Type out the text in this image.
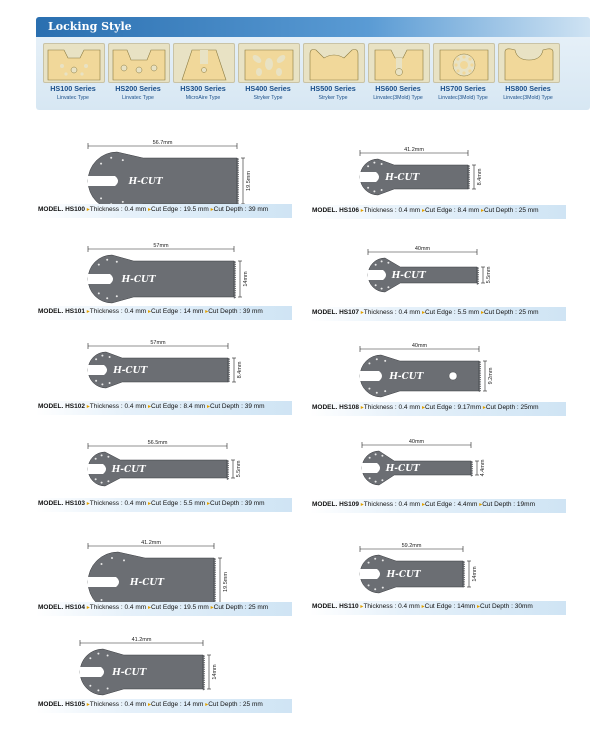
Locking Style
HS100 Series
Linvatec Type
HS200 Series
Linvatec Type
HS300 Series
MicroAire Type
HS400 Series
Stryker Type
HS500 Series
Stryker Type
HS600 Series
Linvatec(3Mold) Type
HS700 Series
Linvatec(3Mold) Type
HS800 Series
Linvatec(3Mold) Type
H-CUT
56.7mm
19.5mm
MODEL. HS100 ▸Thickness : 0.4 mm ▸Cut Edge : 19.5 mm ▸Cut Depth : 39 mm
H-CUT
57mm
14mm
MODEL. HS101 ▸Thickness : 0.4 mm ▸Cut Edge : 14 mm ▸Cut Depth : 39 mm
H-CUT
57mm
8.4mm
MODEL. HS102 ▸Thickness : 0.4 mm ▸Cut Edge : 8.4 mm ▸Cut Depth : 39 mm
H-CUT
56.5mm
5.5mm
MODEL. HS103 ▸Thickness : 0.4 mm ▸Cut Edge : 5.5 mm ▸Cut Depth : 39 mm
H-CUT
41.2mm
19.5mm
MODEL. HS104 ▸Thickness : 0.4 mm ▸Cut Edge : 19.5 mm ▸Cut Depth : 25 mm
H-CUT
41.2mm
14mm
MODEL. HS105 ▸Thickness : 0.4 mm ▸Cut Edge : 14 mm ▸Cut Depth : 25 mm
H-CUT
41.2mm
8.4mm
MODEL. HS106 ▸Thickness : 0.4 mm ▸Cut Edge : 8.4 mm ▸Cut Depth : 25 mm
H-CUT
40mm
5.5mm
MODEL. HS107 ▸Thickness : 0.4 mm ▸Cut Edge : 5.5 mm ▸Cut Depth : 25 mm
H-CUT
40mm
9.2mm
MODEL. HS108 ▸Thickness : 0.4 mm ▸Cut Edge : 9.17mm ▸Cut Depth : 25mm
H-CUT
40mm
4.4mm
MODEL. HS109 ▸Thickness : 0.4 mm ▸Cut Edge : 4.4mm ▸Cut Depth : 19mm
H-CUT
59.2mm
14mm
MODEL. HS110 ▸Thickness : 0.4 mm ▸Cut Edge : 14mm ▸Cut Depth : 30mm
